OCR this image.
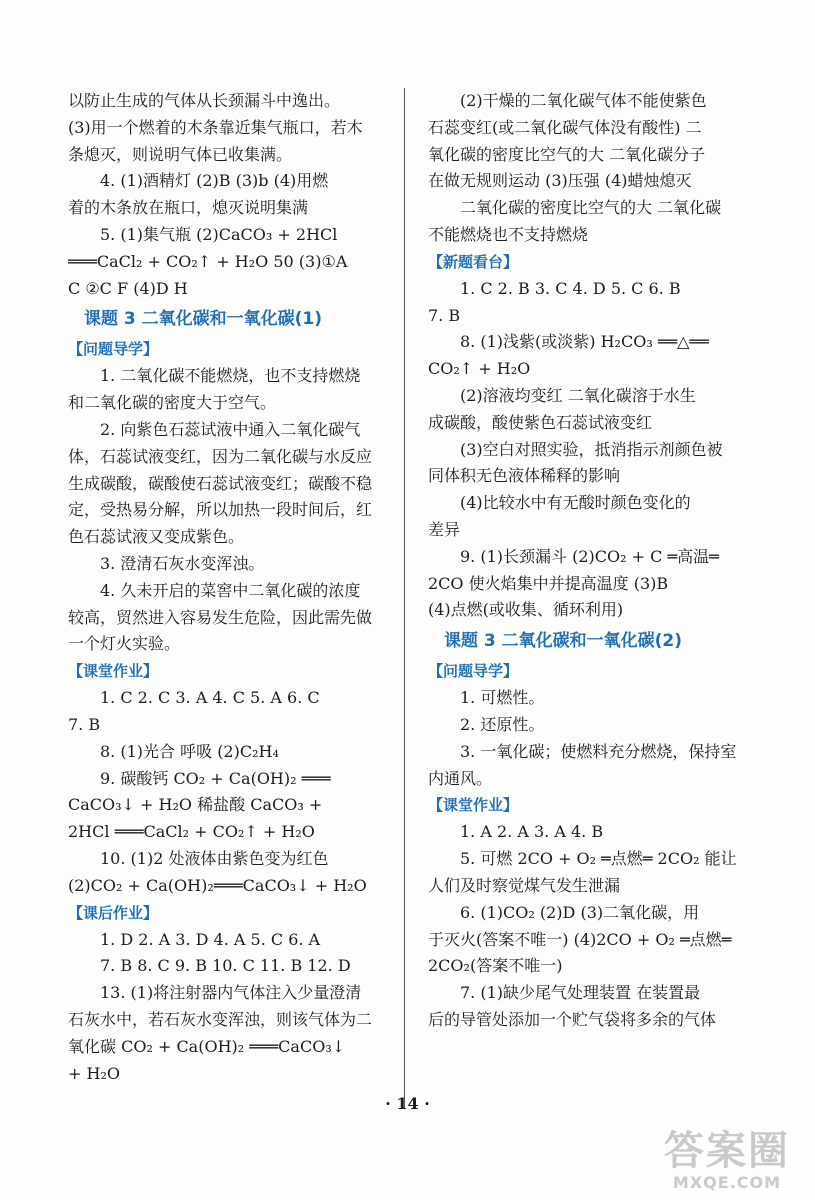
以防止生成的气体从长颈漏斗中逸出。
(3)用一个燃着的木条靠近集气瓶口，若木
条熄灭，则说明气体已收集满。
4. (1)酒精灯 (2)B (3)b (4)用燃
着的木条放在瓶口，熄灭说明集满
5. (1)集气瓶 (2)CaCO₃ + 2HCl
═══CaCl₂ + CO₂↑ + H₂O 50 (3)①A
C ②C F (4)D H
课题 3 二氧化碳和一氧化碳(1)
【问题导学】
1. 二氧化碳不能燃烧，也不支持燃烧
和二氧化碳的密度大于空气。
2. 向紫色石蕊试液中通入二氧化碳气
体，石蕊试液变红，因为二氧化碳与水反应
生成碳酸，碳酸使石蕊试液变红；碳酸不稳
定，受热易分解，所以加热一段时间后，红
色石蕊试液又变成紫色。
3. 澄清石灰水变浑浊。
4. 久未开启的菜窖中二氧化碳的浓度
较高，贸然进入容易发生危险，因此需先做
一个灯火实验。
【课堂作业】
1. C 2. C 3. A 4. C 5. A 6. C
7. B
8. (1)光合 呼吸 (2)C₂H₄
9. 碳酸钙 CO₂ + Ca(OH)₂ ═══
CaCO₃↓ + H₂O 稀盐酸 CaCO₃ +
2HCl ═══CaCl₂ + CO₂↑ + H₂O
10. (1)2 处液体由紫色变为红色
(2)CO₂ + Ca(OH)₂═══CaCO₃↓ + H₂O
【课后作业】
1. D 2. A 3. D 4. A 5. C 6. A
7. B 8. C 9. B 10. C 11. B 12. D
13. (1)将注射器内气体注入少量澄清
石灰水中，若石灰水变浑浊，则该气体为二
氧化碳 CO₂ + Ca(OH)₂ ═══CaCO₃↓
+ H₂O
(2)干燥的二氧化碳气体不能使紫色
石蕊变红(或二氧化碳气体没有酸性) 二
氧化碳的密度比空气的大 二氧化碳分子
在做无规则运动 (3)压强 (4)蜡烛熄灭
二氧化碳的密度比空气的大 二氧化碳
不能燃烧也不支持燃烧
【新题看台】
1. C 2. B 3. C 4. D 5. C 6. B
7. B
8. (1)浅紫(或淡紫) H₂CO₃ ══△══
CO₂↑ + H₂O
(2)溶液均变红 二氧化碳溶于水生
成碳酸，酸使紫色石蕊试液变红
(3)空白对照实验，抵消指示剂颜色被
同体积无色液体稀释的影响
(4)比较水中有无酸时颜色变化的
差异
9. (1)长颈漏斗 (2)CO₂ + C ═高温═
2CO 使火焰集中并提高温度 (3)B
(4)点燃(或收集、循环利用)
课题 3 二氧化碳和一氧化碳(2)
【问题导学】
1. 可燃性。
2. 还原性。
3. 一氧化碳；使燃料充分燃烧，保持室
内通风。
【课堂作业】
1. A 2. A 3. A 4. B
5. 可燃 2CO + O₂ ═点燃═ 2CO₂ 能让
人们及时察觉煤气发生泄漏
6. (1)CO₂ (2)D (3)二氧化碳，用
于灭火(答案不唯一) (4)2CO + O₂ ═点燃═
2CO₂(答案不唯一)
7. (1)缺少尾气处理装置 在装置最
后的导管处添加一个贮气袋将多余的气体
· 14 ·
答案圈
MXQE.COM
